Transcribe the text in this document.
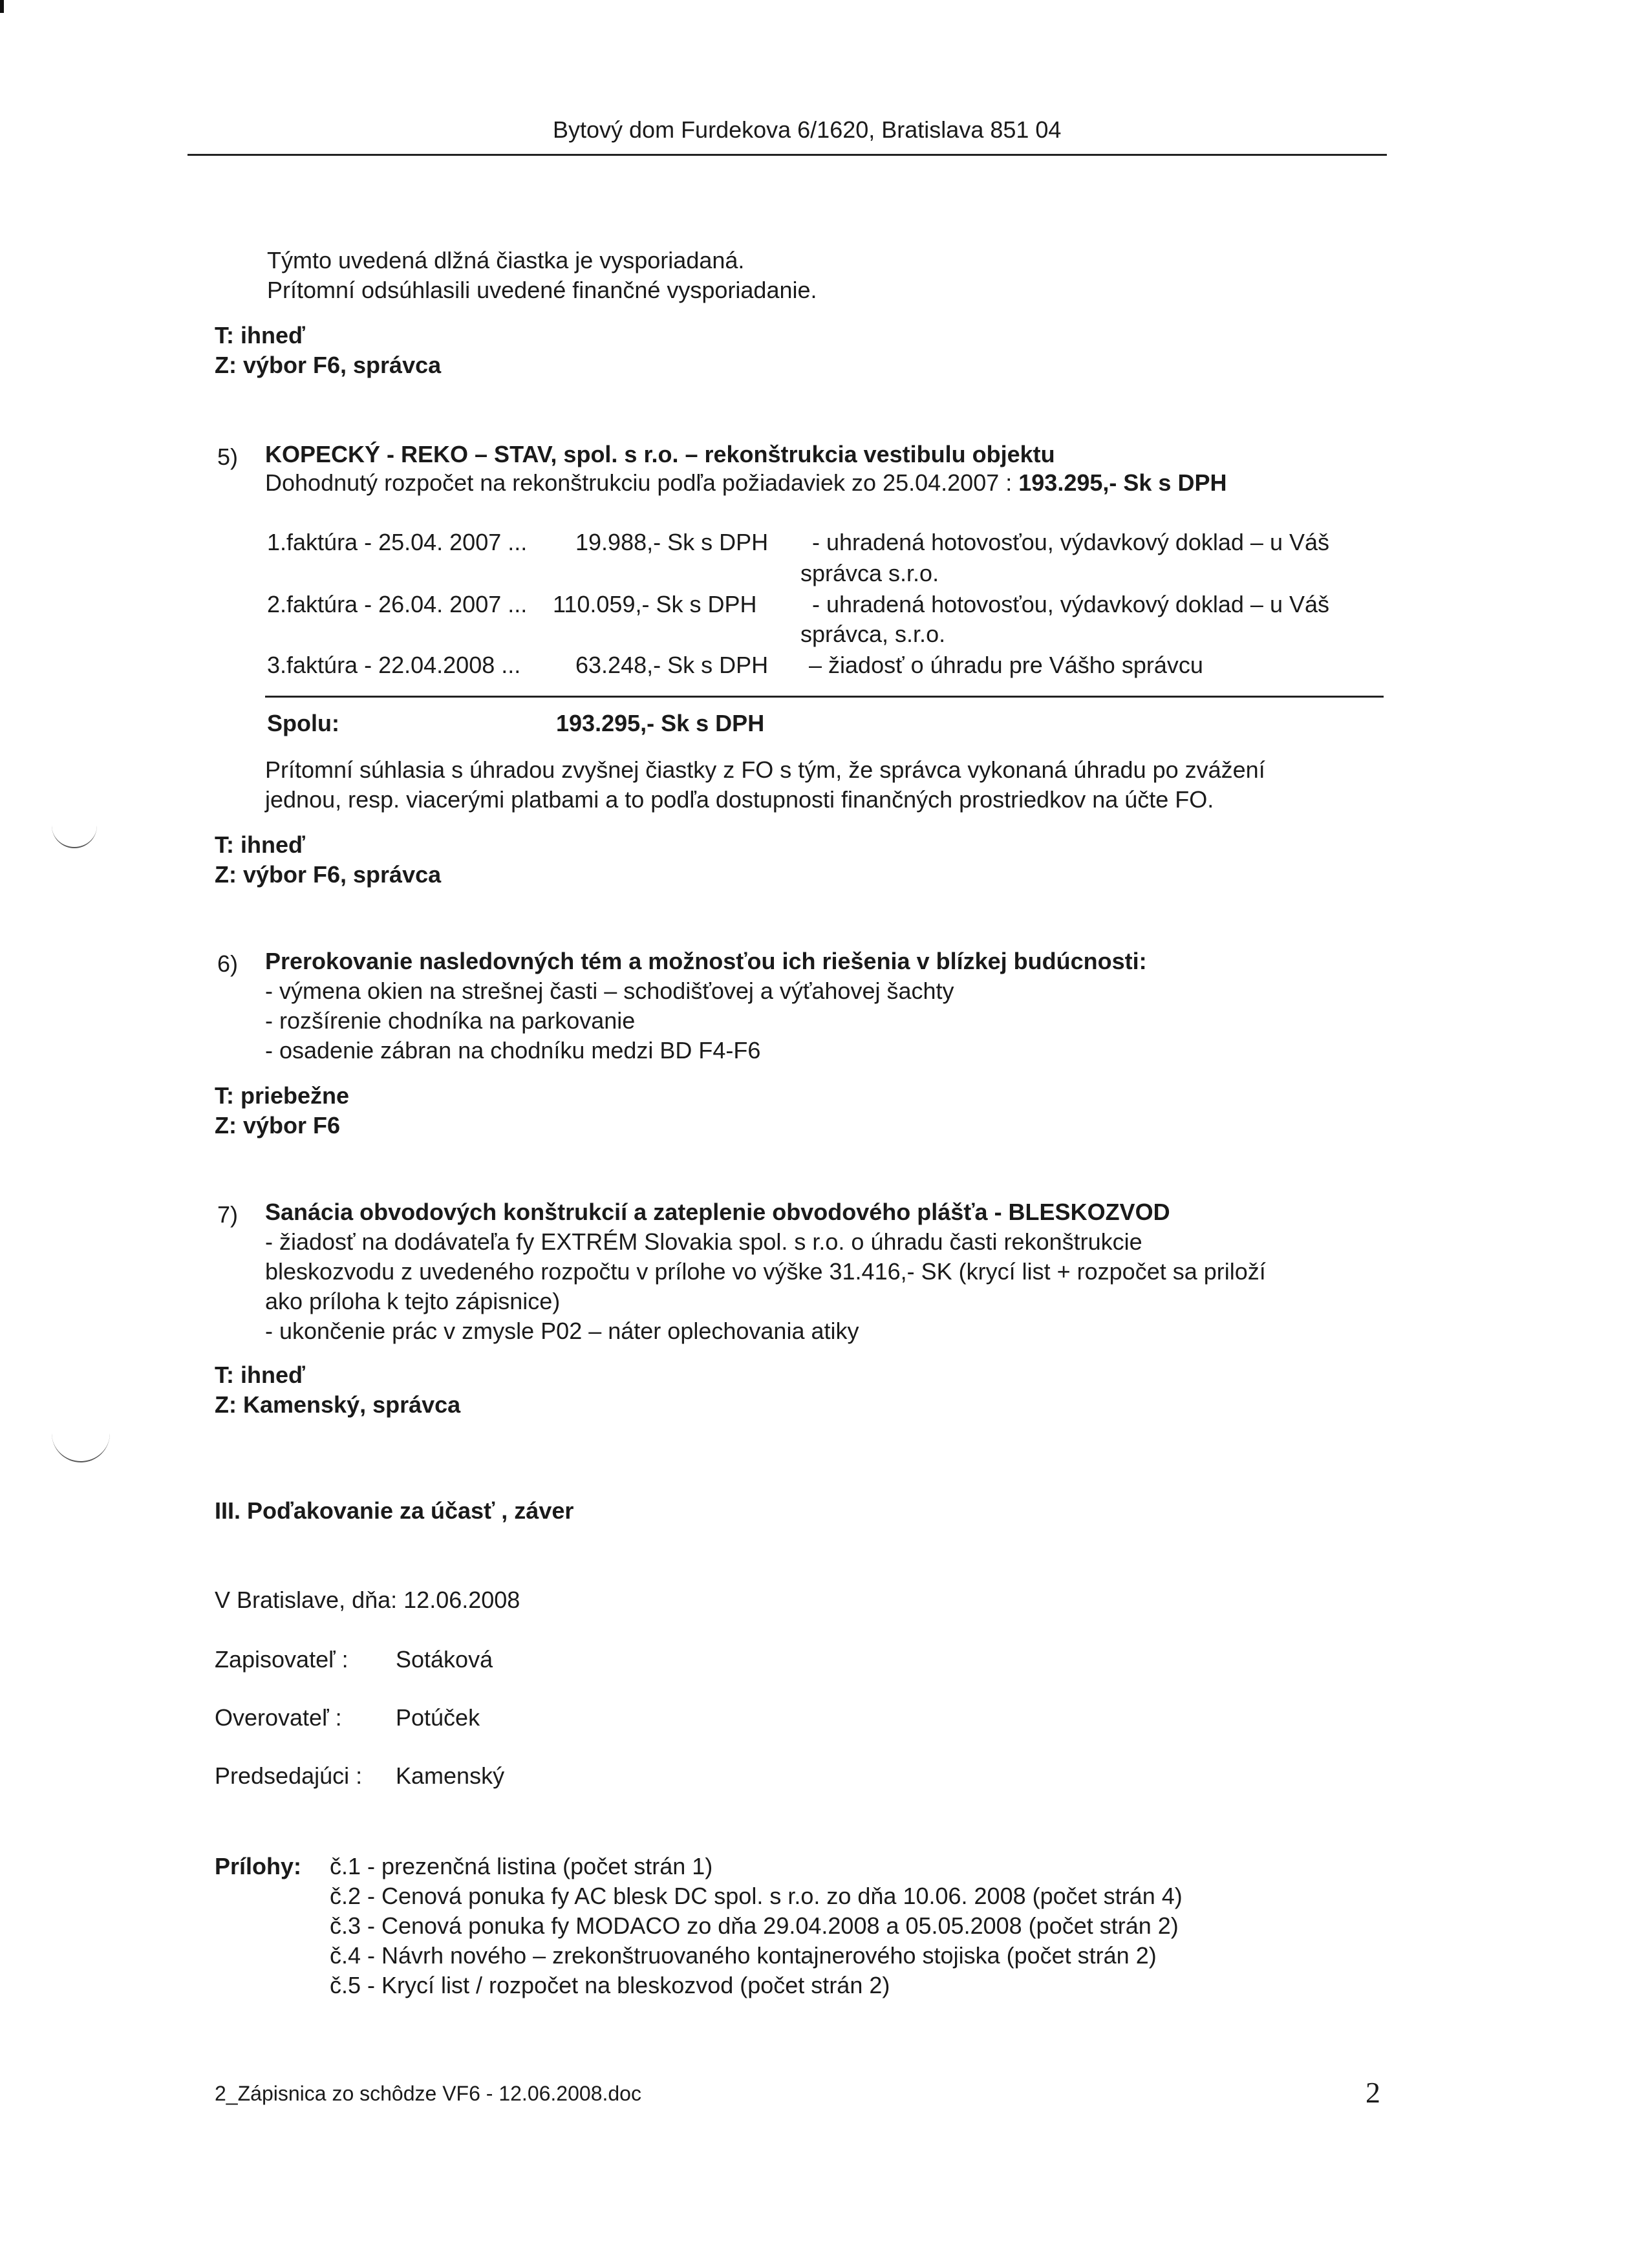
Bytový dom Furdekova 6/1620, Bratislava 851 04
Týmto uvedená dlžná čiastka je vysporiadaná.
Prítomní odsúhlasili uvedené finančné vysporiadanie.
T: ihneď
Z: výbor F6, správca
5) KOPECKÝ - REKO – STAV, spol. s r.o. – rekonštrukcia vestibulu objektu
Dohodnutý rozpočet na rekonštrukciu podľa požiadaviek zo 25.04.2007 : 193.295,- Sk s DPH
1.faktúra - 25.04. 2007 ... 19.988,- Sk s DPH - uhradená hotovosťou, výdavkový doklad – u Váš
správca s.r.o.
2.faktúra - 26.04. 2007 ... 110.059,- Sk s DPH - uhradená hotovosťou, výdavkový doklad – u Váš
správca, s.r.o.
3.faktúra - 22.04.2008 ... 63.248,- Sk s DPH – žiadosť o úhradu pre Vášho správcu
Spolu:	193.295,- Sk s DPH
Prítomní súhlasia s úhradou zvyšnej čiastky z FO s tým, že správca vykonaná úhradu po zvážení
jednou, resp. viacerými platbami a to podľa dostupnosti finančných prostriedkov na účte FO.
T: ihneď
Z: výbor F6, správca
6) Prerokovanie nasledovných tém a možnosťou ich riešenia v blízkej budúcnosti:
- výmena okien na strešnej časti – schodišťovej a výťahovej šachty
- rozšírenie chodníka na parkovanie
- osadenie zábran na chodníku medzi BD F4-F6
T: priebežne
Z: výbor F6
7) Sanácia obvodových konštrukcií a zateplenie obvodového plášťa - BLESKOZVOD
- žiadosť na dodávateľa fy EXTRÉM Slovakia spol. s r.o. o úhradu časti rekonštrukcie
bleskozvodu z uvedeného rozpočtu v prílohe vo výške 31.416,- SK (krycí list + rozpočet sa priloží
ako príloha k tejto zápisnice)
- ukončenie prác v zmysle P02 – náter oplechovania atiky
T: ihneď
Z: Kamenský, správca
III. Poďakovanie za účasť , záver
V Bratislave, dňa: 12.06.2008
Zapisovateľ : Sotáková
Overovateľ : Potúček
Predsedajúci : Kamenský
Prílohy: č.1 - prezenčná listina (počet strán 1)
č.2 - Cenová ponuka fy AC blesk DC spol. s r.o. zo dňa 10.06. 2008 (počet strán 4)
č.3 - Cenová ponuka fy MODACO zo dňa 29.04.2008 a 05.05.2008 (počet strán 2)
č.4 - Návrh nového – zrekonštruovaného kontajnerového stojiska (počet strán 2)
č.5 - Krycí list / rozpočet na bleskozvod (počet strán 2)
2_Zápisnica zo schôdze VF6 - 12.06.2008.doc	2
